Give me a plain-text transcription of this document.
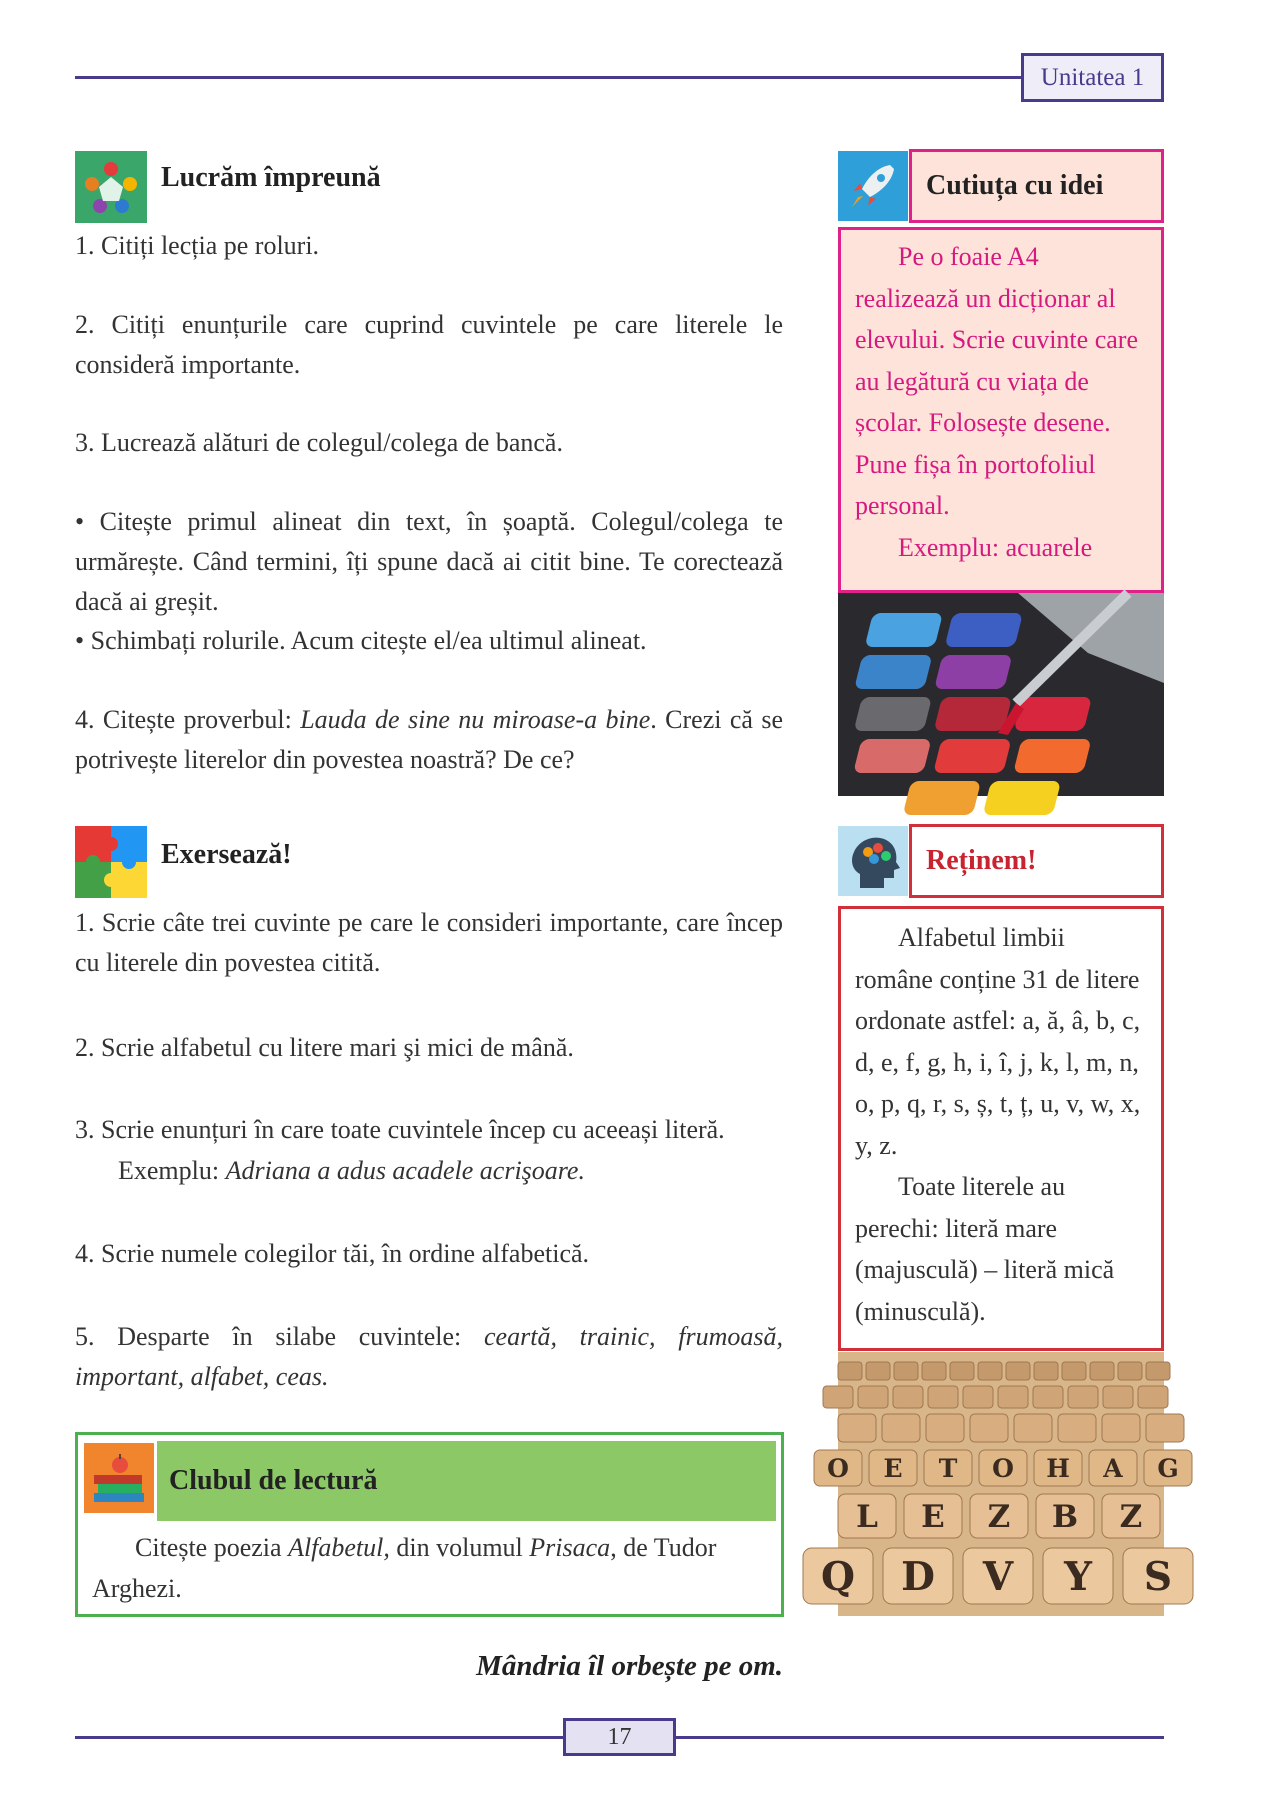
Unitatea 1
Lucrăm împreună
1. Citiți lecția pe roluri.
2. Citiți enunțurile care cuprind cuvintele pe care literele le consideră importante.
3. Lucrează alături de colegul/colega de bancă.
• Citește primul alineat din text, în șoaptă. Colegul/colega te urmărește. Când termini, îți spune dacă ai citit bine. Te corectează dacă ai greșit.
• Schimbați rolurile. Acum citește el/ea ultimul alineat.
4. Citește proverbul: Lauda de sine nu miroase-a bine. Crezi că se potrivește literelor din povestea noastră? De ce?
Exersează!
1. Scrie câte trei cuvinte pe care le consideri importante, care încep cu literele din povestea citită.
2. Scrie alfabetul cu litere mari şi mici de mână.
3. Scrie enunțuri în care toate cuvintele încep cu aceeași literă.
Exemplu: Adriana a adus acadele acrişoare.
4. Scrie numele colegilor tăi, în ordine alfabetică.
5. Desparte în silabe cuvintele: ceartă, trainic, frumoasă, important, alfabet, ceas.
Clubul de lectură
Citește poezia Alfabetul, din volumul Prisaca, de Tudor Arghezi.
Mândria îl orbește pe om.
Cutiuța cu idei
Pe o foaie A4 realizează un dicționar al elevului. Scrie cuvinte care au legătură cu viața de școlar. Folosește desene. Pune fișa în portofoliul personal.
Exemplu: acuarele
Reținem!
Alfabetul limbii române conține 31 de litere ordonate astfel: a, ă, â, b, c, d, e, f, g, h, i, î, j, k, l, m, n, o, p, q, r, s, ș, t, ț, u, v, w, x, y, z.
Toate literele au perechi: literă mare (majusculă) – literă mică (minusculă).
O E T O H A G
L E Z B Z
Q D V Y S
17
